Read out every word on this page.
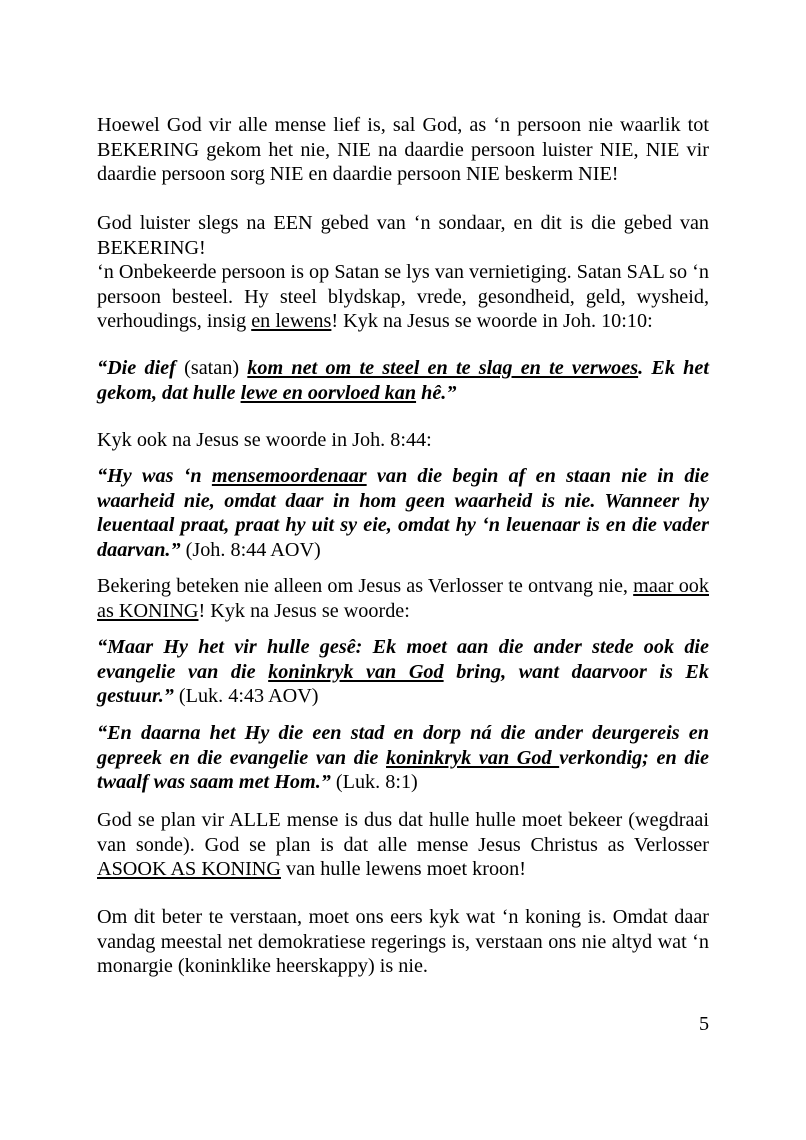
Hoewel God vir alle mense lief is, sal God, as ‘n persoon nie waarlik tot BEKERING gekom het nie, NIE na daardie persoon luister NIE, NIE vir daardie persoon sorg NIE en daardie persoon NIE beskerm NIE!

God luister slegs na EEN gebed van ‘n sondaar, en dit is die gebed van BEKERING!

‘n Onbekeerde persoon is op Satan se lys van vernietiging. Satan SAL so ‘n persoon besteel. Hy steel blydskap, vrede, gesondheid, geld, wysheid, verhoudings, insig en lewens! Kyk na Jesus se woorde in Joh. 10:10:

“Die dief (satan) kom net om te steel en te slag en te verwoes. Ek het gekom, dat hulle lewe en oorvloed kan hê.”

Kyk ook na Jesus se woorde in Joh. 8:44:

“Hy was ‘n mensemoordenaar van die begin af en staan nie in die waarheid nie, omdat daar in hom geen waarheid is nie. Wanneer hy leuentaal praat, praat hy uit sy eie, omdat hy ‘n leuenaar is en die vader daarvan.” (Joh. 8:44 AOV)

Bekering beteken nie alleen om Jesus as Verlosser te ontvang nie, maar ook as KONING! Kyk na Jesus se woorde:

“Maar Hy het vir hulle gesê: Ek moet aan die ander stede ook die evangelie van die koninkryk van God bring, want daarvoor is Ek gestuur.” (Luk. 4:43 AOV)

“En daarna het Hy die een stad en dorp ná die ander deurgereis en gepreek en die evangelie van die koninkryk van God verkondig; en die twaalf was saam met Hom.” (Luk. 8:1)

God se plan vir ALLE mense is dus dat hulle hulle moet bekeer (wegdraai van sonde). God se plan is dat alle mense Jesus Christus as Verlosser ASOOK AS KONING van hulle lewens moet kroon!

Om dit beter te verstaan, moet ons eers kyk wat ‘n koning is. Omdat daar vandag meestal net demokratiese regerings is, verstaan ons nie altyd wat ‘n monargie (koninklike heerskappy) is nie.

5
